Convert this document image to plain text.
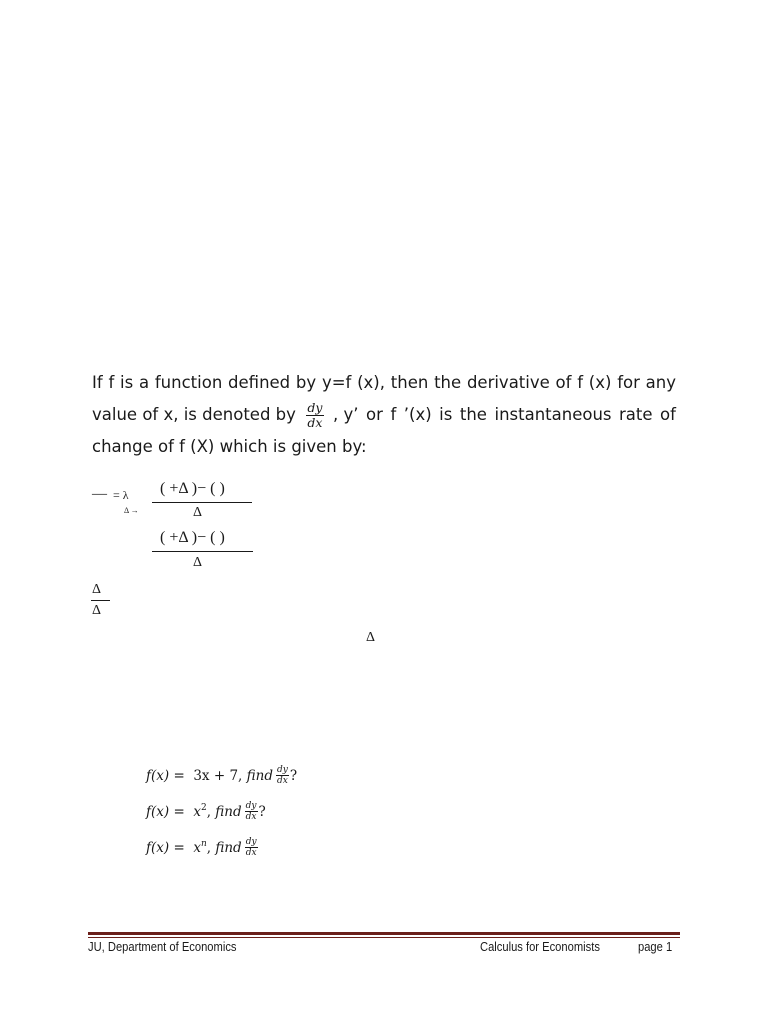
If f is a function defined by y=f (x), then the derivative of f (x) for any
value of x, is denoted by $\frac{dy}{dx}$ , y’ or f ’(x) is the instantaneous rate of
change of f (X) which is given by:
— = λ
Δ →
( +Δ )− ( )
Δ
( +Δ )− ( )
Δ
Δ
Δ
Δ
f(x) = 3x + 7, find $\frac{dy}{dx}$ ?
$f(x) = x^2$ , find $\frac{dy}{dx}$ ?
$f(x) = x^n$ , find $\frac{dy}{dx}$
JU, Department of Economics	Calculus for Economists	page 1
